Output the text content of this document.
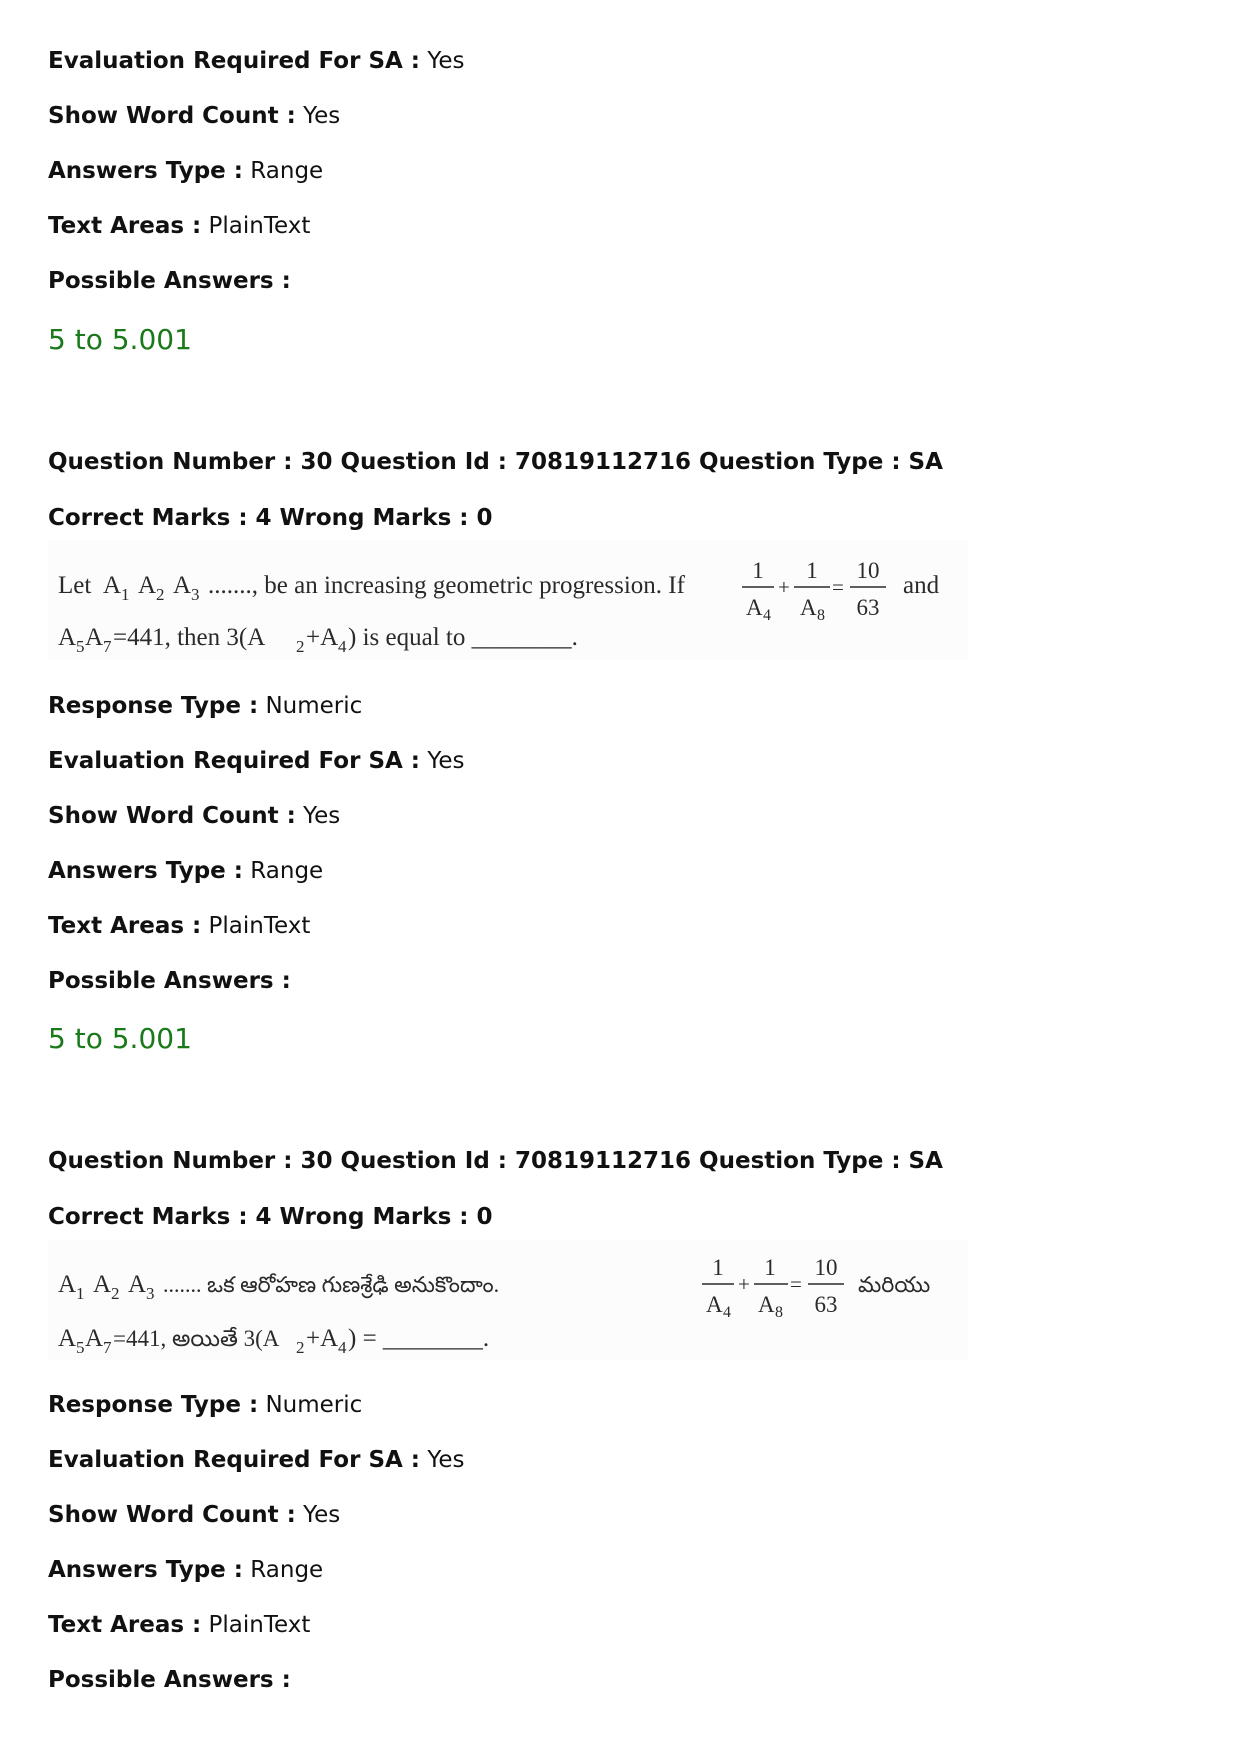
Evaluation Required For SA : Yes
Show Word Count : Yes
Answers Type : Range
Text Areas : PlainText
Possible Answers :
5 to 5.001
Question Number : 30 Question Id : 70819112716 Question Type : SA
Correct Marks : 4 Wrong Marks : 0
Let A 1 A 2 A 3 ......., be an increasing geometric progression. If
1
A 4
+
1
A 8
=
10
63
and
A 5 A 7 =441, then 3(A 2 +A 4 ) is equal to ________.
Response Type : Numeric
Evaluation Required For SA : Yes
Show Word Count : Yes
Answers Type : Range
Text Areas : PlainText
Possible Answers :
5 to 5.001
Question Number : 30 Question Id : 70819112716 Question Type : SA
Correct Marks : 4 Wrong Marks : 0
A 1 A 2 A 3 ....... ఒక ఆరోహణ గుణశ్రేఢి అనుకొందాం.
1
A 4
+
1
A 8
=
10
63
మరియు
A 5 A 7 =441, అయితే 3(A 2 +A 4 ) = ________.
Response Type : Numeric
Evaluation Required For SA : Yes
Show Word Count : Yes
Answers Type : Range
Text Areas : PlainText
Possible Answers :
